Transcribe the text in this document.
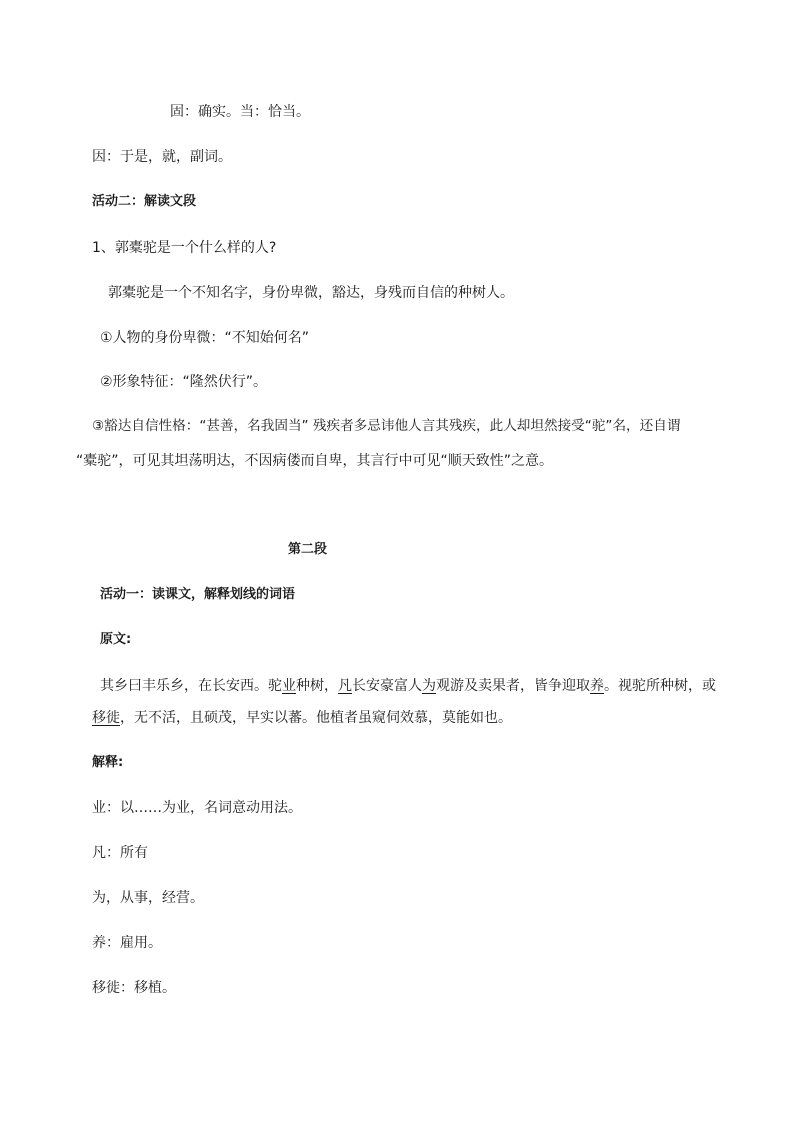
固：确实。当：恰当。
因：于是，就，副词。
活动二：解读文段
1、郭橐驼是一个什么样的人?
郭橐驼是一个不知名字，身份卑微，豁达，身残而自信的种树人。
①人物的身份卑微：“不知始何名”
②形象特征：“隆然伏行”。
③豁达自信性格：“甚善，名我固当” 残疾者多忌讳他人言其残疾，此人却坦然接受“驼”名，还自谓
“橐驼”，可见其坦荡明达，不因病偻而自卑，其言行中可见“顺天致性”之意。
第二段
活动一：读课文，解释划线的词语
原文:
其乡曰丰乐乡，在长安西。驼业种树，凡长安豪富人为观游及卖果者，皆争迎取养。视驼所种树，或
移徙，无不活，且硕茂，早实以蕃。他植者虽窥伺效慕，莫能如也。
解释:
业：以……为业，名词意动用法。
凡：所有
为，从事，经营。
养：雇用。
移徙：移植。
